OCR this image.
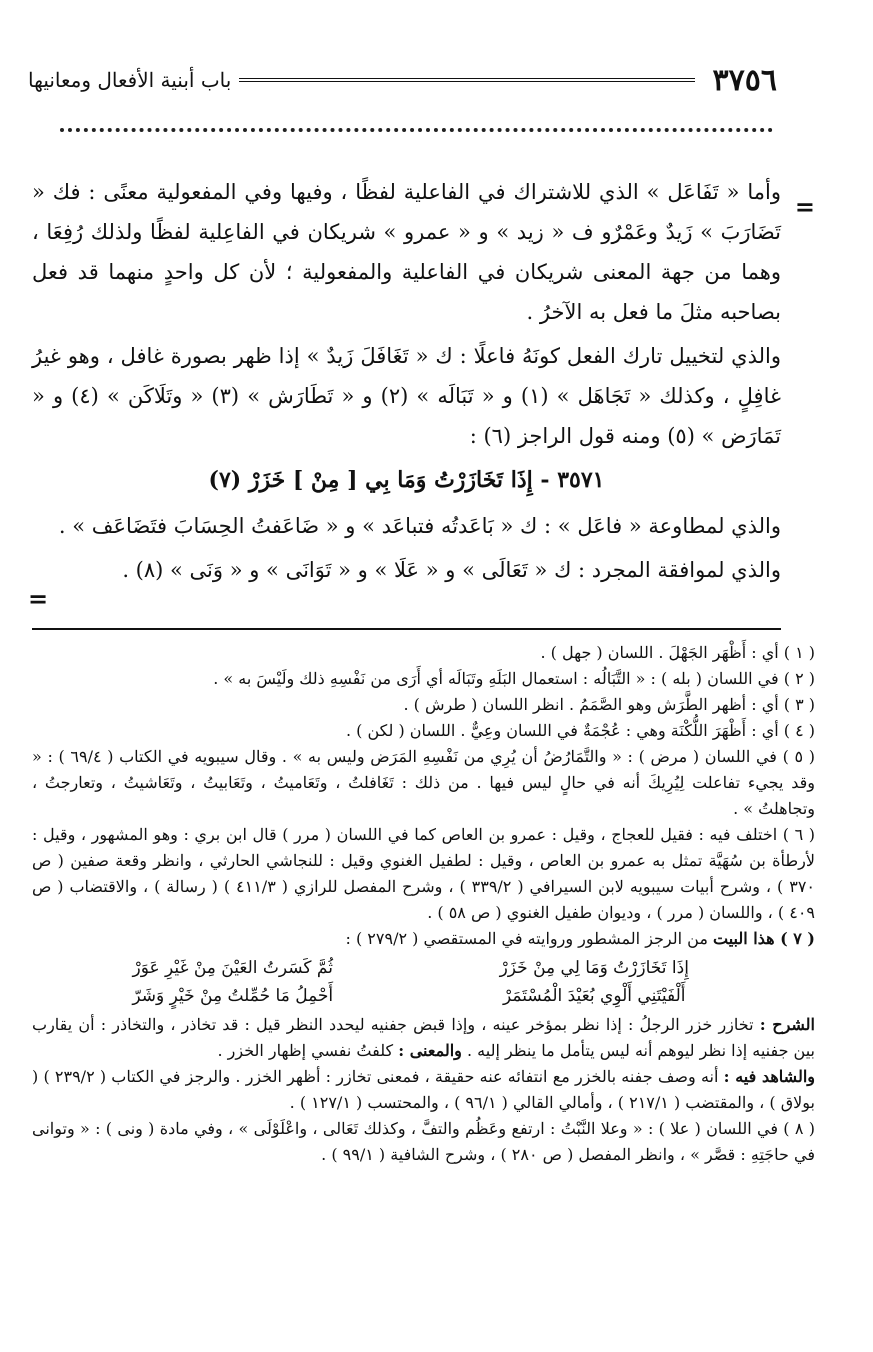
٣٧٥٦
باب أبنية الأفعال ومعانيها
=
=

وأما « تَفَاعَل » الذي للاشتراك في الفاعلية لفظًا ، وفيها وفي المفعولية معنًى : فك « تَضَارَبَ » زَيدٌ وعَمْرٌو ف « زيد » و « عمرو » شريكان في الفاعِلية لفظًا ولذلك رُفِعَا ، وهما من جهة المعنى شريكان في الفاعلية والمفعولية ؛ لأن كل واحدٍ منهما قد فعل بصاحبه مثلَ ما فعل به الآخرُ .

والذي لتخييل تارك الفعل كونَهُ فاعلًا : ك « تَغَافَلَ زَيدٌ » إذا ظهر بصورة غافل ، وهو غيرُ غافِلٍ ، وكذلك « تَجَاهَل » (١) و « تَبَالَه » (٢) و « تَطَارَش » (٣) « وتَلَاكَن » (٤) و « تَمَارَض » (٥) ومنه قول الراجز (٦) :

٣٥٧١ - إِذَا تَخَازَرْتُ وَمَا بِي [ مِنْ ] خَزَرْ (٧)

والذي لمطاوعة « فاعَل » : ك « بَاعَدتُه فتباعَد » و « ضَاعَفتُ الحِسَابَ فتَضَاعَف » .

والذي لموافقة المجرد : ك « تَعَالَى » و « عَلَا » و « تَوَانَى » و « وَنَى » (٨) .

( ١ ) أي : أَظْهَر الجَهْلَ . اللسان ( جهل ) .

( ٢ ) في اللسان ( بله ) : « التَّبَالُه : استعمال البَلَهِ وتَبَالَه أي أَرَى من نَفْسِهِ ذلك ولَيْسَ به » .

( ٣ ) أي : أظهر الطَّرَش وهو الصَّمَمُ . انظر اللسان ( طرش ) .

( ٤ ) أي : أَظْهَرَ اللُّكْنَة وهي : عُجْمَةٌ في اللسان وعِيٌّ . اللسان ( لكن ) .

( ٥ ) في اللسان ( مرض ) : « والتَّمَارُضُ أن يُرِي من نَفْسِهِ المَرَض وليس به » . وقال سيبويه في الكتاب ( ٦٩/٤ ) : « وقد يجيء تفاعلت لِيُرِيكَ أنه في حالٍ ليس فيها . من ذلك : تَغَافلتُ ، وتَعَاميتُ ، وتَعَابيتُ ، وتَعَاشيتُ ، وتعارجتُ ، وتجاهلتُ » .

( ٦ ) اختلف فيه : فقيل للعجاج ، وقيل : عمرو بن العاص كما في اللسان ( مرر ) قال ابن بري : وهو المشهور ، وقيل : لأرطأة بن سُهَيَّة تمثل به عمرو بن العاص ، وقيل : لطفيل الغنوي وقيل : للنجاشي الحارثي ، وانظر وقعة صفين ( ص ٣٧٠ ) ، وشرح أبيات سيبويه لابن السيرافي ( ٣٣٩/٢ ) ، وشرح المفصل للرازي ( ٤١١/٣ ) ( رسالة ) ، والاقتضاب ( ص ٤٠٩ ) ، واللسان ( مرر ) ، وديوان طفيل الغنوي ( ص ٥٨ ) .

( ٧ ) هذا البيت من الرجز المشطور وروايته في المستقصي ( ٢٧٩/٢ ) :

إِذَا تَخَازَرْتُ وَمَا لِي مِنْ خَزَرْ
ثُمَّ كَسَرتُ العَيْنَ مِنْ غَيْرِ عَوَرْ
أَلْفَيْتَنِي أَلْوِي بُعَيْدَ الْمُسْتَمَرْ
أَحْمِلُ مَا حُمِّلتُ مِنْ خَيْرٍ وَشَرّ

الشرح : تخازر خزر الرجلُ : إذا نظر بمؤخر عينه ، وإذا قبض جفنيه ليحدد النظر قيل : قد تخاذر ، والتخاذر : أن يقارب بين جفنيه إذا نظر ليوهم أنه ليس يتأمل ما ينظر إليه . والمعنى : كلفتُ نفسي إظهار الخزر .

والشاهد فيه : أنه وصف جفنه بالخزر مع انتفائه عنه حقيقة ، فمعنى تخازر : أظهر الخزر . والرجز في الكتاب ( ٢٣٩/٢ ) ( بولاق ) ، والمقتضب ( ٢١٧/١ ) ، وأمالي القالي ( ٩٦/١ ) ، والمحتسب ( ١٢٧/١ ) .

( ٨ ) في اللسان ( علا ) : « وعلا النَّبْتُ : ارتفع وعَظُم والتفَّ ، وكذلك تَعَالى ، واعْلَوْلَى » ، وفي مادة ( ونى ) : « وتوانى في حاجَتِهِ : قصَّر » ، وانظر المفصل ( ص ٢٨٠ ) ، وشرح الشافية ( ٩٩/١ ) .
